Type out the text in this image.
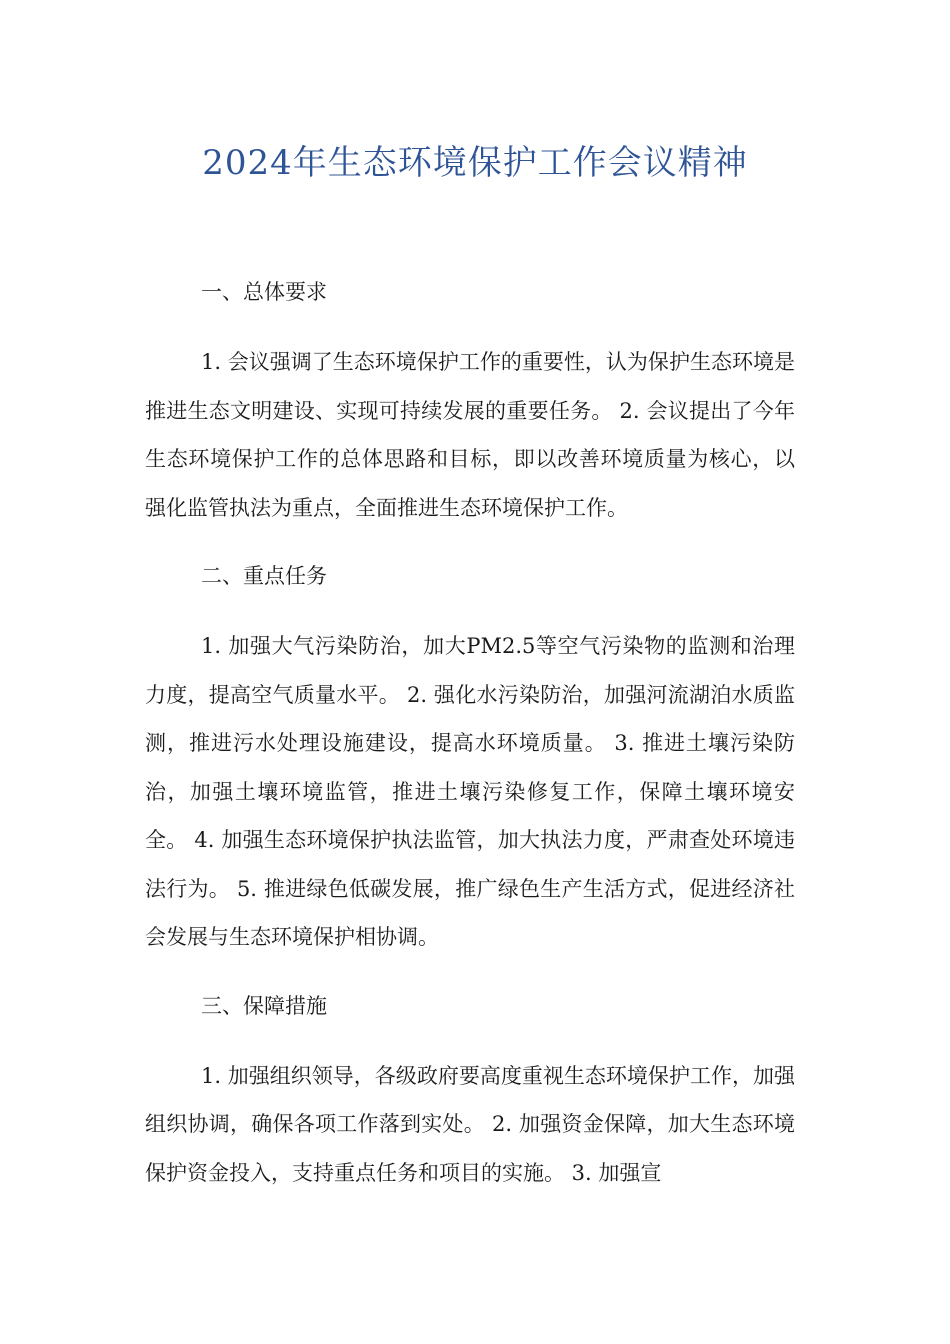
2024年生态环境保护工作会议精神

一、总体要求

1. 会议强调了生态环境保护工作的重要性，认为保护生态环境是推进生态文明建设、实现可持续发展的重要任务。 2. 会议提出了今年生态环境保护工作的总体思路和目标，即以改善环境质量为核心，以强化监管执法为重点，全面推进生态环境保护工作。

二、重点任务

1. 加强大气污染防治，加大PM2.5等空气污染物的监测和治理力度，提高空气质量水平。 2. 强化水污染防治，加强河流湖泊水质监测，推进污水处理设施建设，提高水环境质量。 3. 推进土壤污染防治，加强土壤环境监管，推进土壤污染修复工作，保障土壤环境安全。 4. 加强生态环境保护执法监管，加大执法力度，严肃查处环境违法行为。 5. 推进绿色低碳发展，推广绿色生产生活方式，促进经济社会发展与生态环境保护相协调。

三、保障措施

1. 加强组织领导，各级政府要高度重视生态环境保护工作，加强组织协调，确保各项工作落到实处。 2. 加强资金保障，加大生态环境保护资金投入，支持重点任务和项目的实施。 3. 加强宣
